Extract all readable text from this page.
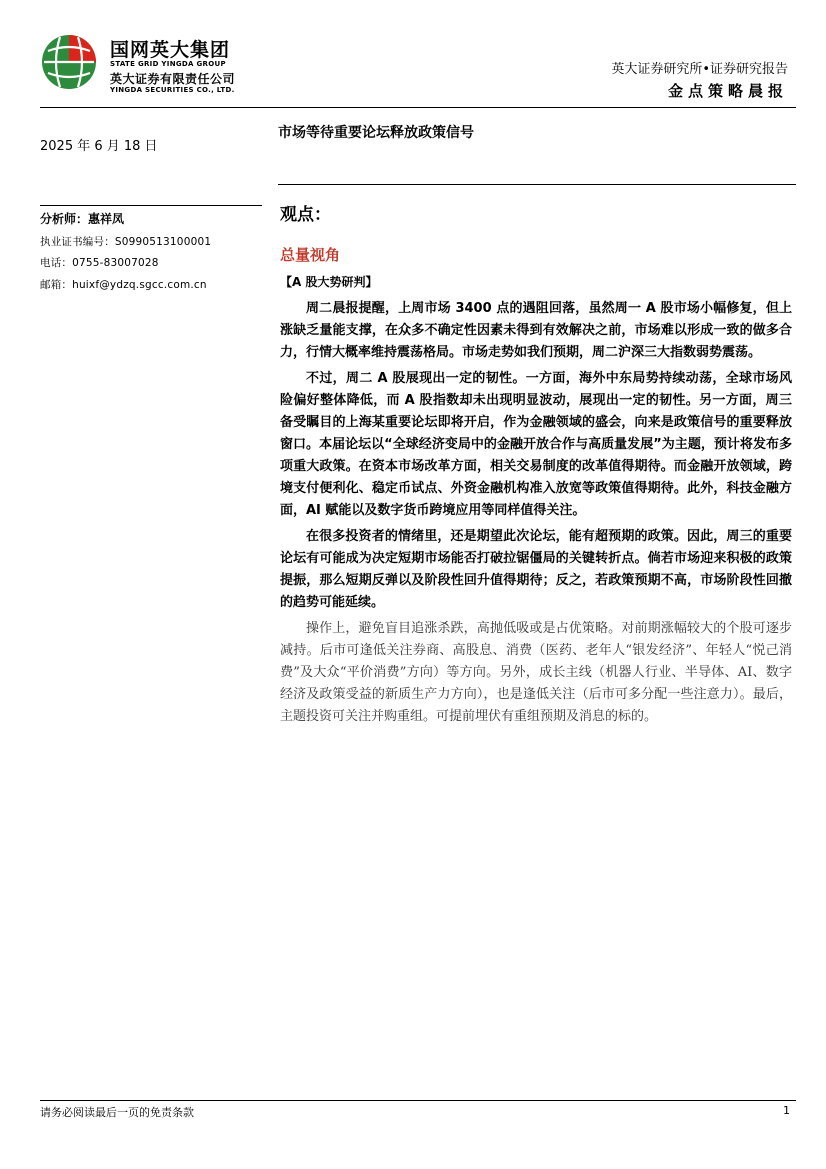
国网英大集团
STATE GRID YINGDA GROUP
英大证券有限责任公司
YINGDA SECURITIES CO., LTD.
英大证券研究所•证券研究报告
金点策略晨报
2025 年 6 月 18 日
分析师：惠祥凤
执业证书编号：S0990513100001
电话：0755-83007028
邮箱：huixf@ydzq.sgcc.com.cn
市场等待重要论坛释放政策信号
观点：
总量视角
【A 股大势研判】

周二晨报提醒，上周市场 3400 点的遇阻回落，虽然周一 A 股市场小幅修复，但上涨缺乏量能支撑，在众多不确定性因素未得到有效解决之前，市场难以形成一致的做多合力，行情大概率维持震荡格局。市场走势如我们预期，周二沪深三大指数弱势震荡。

不过，周二 A 股展现出一定的韧性。一方面，海外中东局势持续动荡，全球市场风险偏好整体降低，而 A 股指数却未出现明显波动，展现出一定的韧性。另一方面，周三备受瞩目的上海某重要论坛即将开启，作为金融领域的盛会，向来是政策信号的重要释放窗口。本届论坛以“全球经济变局中的金融开放合作与高质量发展”为主题，预计将发布多项重大政策。在资本市场改革方面，相关交易制度的改革值得期待。而金融开放领域，跨境支付便利化、稳定币试点、外资金融机构准入放宽等政策值得期待。此外，科技金融方面，AI 赋能以及数字货币跨境应用等同样值得关注。

在很多投资者的情绪里，还是期望此次论坛，能有超预期的政策。因此，周三的重要论坛有可能成为决定短期市场能否打破拉锯僵局的关键转折点。倘若市场迎来积极的政策提振，那么短期反弹以及阶段性回升值得期待；反之，若政策预期不高，市场阶段性回撤的趋势可能延续。

操作上，避免盲目追涨杀跌，高抛低吸或是占优策略。对前期涨幅较大的个股可逐步减持。后市可逢低关注券商、高股息、消费（医药、老年人“银发经济”、年轻人“悦己消费”及大众“平价消费”方向）等方向。另外，成长主线（机器人行业、半导体、AI、数字经济及政策受益的新质生产力方向），也是逢低关注（后市可多分配一些注意力）。最后，主题投资可关注并购重组。可提前埋伏有重组预期及消息的标的。

请务必阅读最后一页的免责条款	1
